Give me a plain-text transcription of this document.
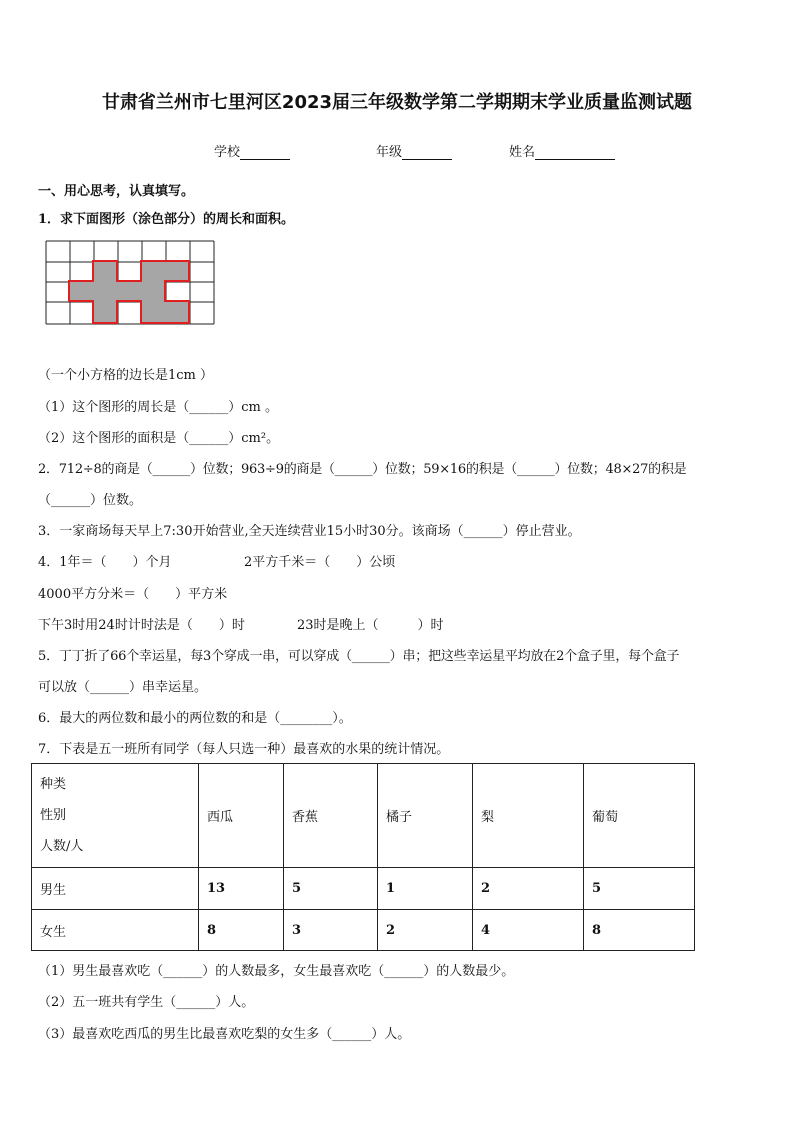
甘肃省兰州市七里河区2023届三年级数学第二学期期末学业质量监测试题
学校	年级	姓名
一、用心思考，认真填写。
1．求下面图形（涂色部分）的周长和面积。
（一个小方格的边长是1cm ）
（1）这个图形的周长是（______）cm 。
（2）这个图形的面积是（______）cm²。
2．712÷8的商是（______）位数；963÷9的商是（______）位数；59×16的积是（______）位数；48×27的积是
（______）位数。
3．一家商场每天早上7:30开始营业,全天连续营业15小时30分。该商场（______）停止营业。
4．1年＝（　　）个月	2平方千米＝（　　）公顷
4000平方分米＝（　　）平方米
下午3时用24时计时法是（　　）时	23时是晚上（　　　）时
5．丁丁折了66个幸运星，每3个穿成一串，可以穿成（______）串；把这些幸运星平均放在2个盒子里，每个盒子
可以放（______）串幸运星。
6．最大的两位数和最小的两位数的和是（________）。
7．下表是五一班所有同学（每人只选一种）最喜欢的水果的统计情况。
种类
性别
人数/人	西瓜	香蕉	橘子	梨	葡萄
男生	13	5	1	2	5
女生	8	3	2	4	8
（1）男生最喜欢吃（______）的人数最多，女生最喜欢吃（______）的人数最少。
（2）五一班共有学生（______）人。
（3）最喜欢吃西瓜的男生比最喜欢吃梨的女生多（______）人。
